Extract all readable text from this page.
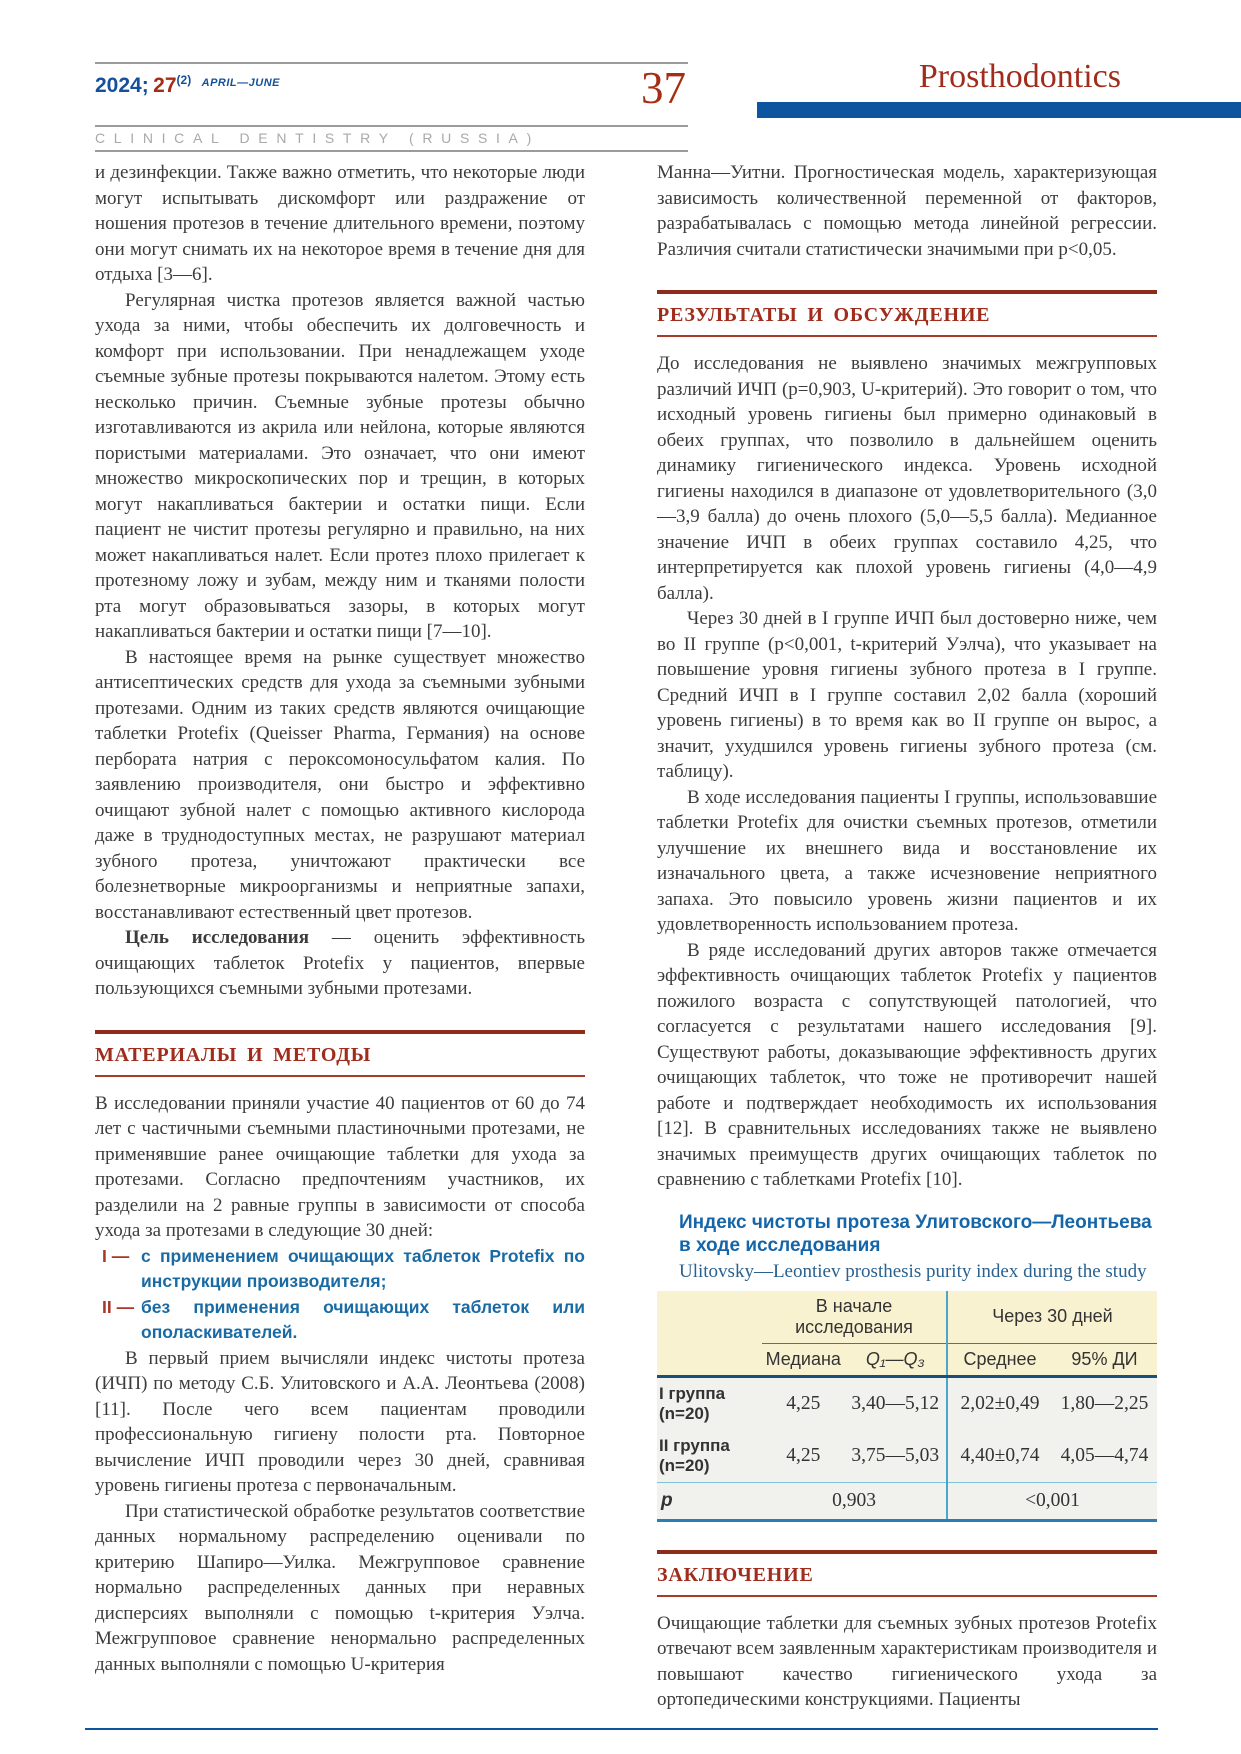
2024; 27$^{(2)}$ $^{APRIL—JUNE}$	37
CLINICAL DENTISTRY (RUSSIA)
Prosthodontics

и дезинфекции. Также важно отметить, что некоторые люди могут испытывать дискомфорт или раздражение от ношения протезов в течение длительного времени, поэтому они могут снимать их на некоторое время в течение дня для отдыха [3—6].

Регулярная чистка протезов является важной частью ухода за ними, чтобы обеспечить их долговечность и комфорт при использовании. При ненадлежащем уходе съемные зубные протезы покрываются налетом. Этому есть несколько причин. Съемные зубные протезы обычно изготавливаются из акрила или нейлона, которые являются пористыми материалами. Это означает, что они имеют множество микроскопических пор и трещин, в которых могут накапливаться бактерии и остатки пищи. Если пациент не чистит протезы регулярно и правильно, на них может накапливаться налет. Если протез плохо прилегает к протезному ложу и зубам, между ним и тканями полости рта могут образовываться зазоры, в которых могут накапливаться бактерии и остатки пищи [7—10].

В настоящее время на рынке существует множество антисептических средств для ухода за съемными зубными протезами. Одним из таких средств являются очищающие таблетки Protefix (Queisser Pharma, Германия) на основе пербората натрия с пероксомоносульфатом калия. По заявлению производителя, они быстро и эффективно очищают зубной налет с помощью активного кислорода даже в труднодоступных местах, не разрушают материал зубного протеза, уничтожают практически все болезнетворные микроорганизмы и неприятные запахи, восстанавливают естественный цвет протезов.

Цель исследования — оценить эффективность очищающих таблеток Protefix у пациентов, впервые пользующихся съемными зубными протезами.

МАТЕРИАЛЫ И МЕТОДЫ

В исследовании приняли участие 40 пациентов от 60 до 74 лет с частичными съемными пластиночными протезами, не применявшие ранее очищающие таблетки для ухода за протезами. Согласно предпочтениям участников, их разделили на 2 равные группы в зависимости от способа ухода за протезами в следующие 30 дней:

I — с применением очищающих таблеток Protefix по инструкции производителя;
II — без применения очищающих таблеток или ополаскивателей.

В первый прием вычисляли индекс чистоты протеза (ИЧП) по методу С.Б. Улитовского и А.А. Леонтьева (2008) [11]. После чего всем пациентам проводили профессиональную гигиену полости рта. Повторное вычисление ИЧП проводили через 30 дней, сравнивая уровень гигиены протеза с первоначальным.

При статистической обработке результатов соответствие данных нормальному распределению оценивали по критерию Шапиро—Уилка. Межгрупповое сравнение нормально распределенных данных при неравных дисперсиях выполняли с помощью t-критерия Уэлча. Межгрупповое сравнение ненормально распределенных данных выполняли с помощью U-критерия

Манна—Уитни. Прогностическая модель, характеризующая зависимость количественной переменной от факторов, разрабатывалась с помощью метода линейной регрессии. Различия считали статистически значимыми при p<0,05.

РЕЗУЛЬТАТЫ И ОБСУЖДЕНИЕ

До исследования не выявлено значимых межгрупповых различий ИЧП (p=0,903, U-критерий). Это говорит о том, что исходный уровень гигиены был примерно одинаковый в обеих группах, что позволило в дальнейшем оценить динамику гигиенического индекса. Уровень исходной гигиены находился в диапазоне от удовлетворительного (3,0—3,9 балла) до очень плохого (5,0—5,5 балла). Медианное значение ИЧП в обеих группах составило 4,25, что интерпретируется как плохой уровень гигиены (4,0—4,9 балла).

Через 30 дней в I группе ИЧП был достоверно ниже, чем во II группе (p<0,001, t-критерий Уэлча), что указывает на повышение уровня гигиены зубного протеза в I группе. Средний ИЧП в I группе составил 2,02 балла (хороший уровень гигиены) в то время как во II группе он вырос, а значит, ухудшился уровень гигиены зубного протеза (см. таблицу).

В ходе исследования пациенты I группы, использовавшие таблетки Protefix для очистки съемных протезов, отметили улучшение их внешнего вида и восстановление их изначального цвета, а также исчезновение неприятного запаха. Это повысило уровень жизни пациентов и их удовлетворенность использованием протеза.

В ряде исследований других авторов также отмечается эффективность очищающих таблеток Protefix у пациентов пожилого возраста с сопутствующей патологией, что согласуется с результатами нашего исследования [9]. Существуют работы, доказывающие эффективность других очищающих таблеток, что тоже не противоречит нашей работе и подтверждает необходимость их использования [12]. В сравнительных исследованиях также не выявлено значимых преимуществ других очищающих таблеток по сравнению с таблетками Protefix [10].

Индекс чистоты протеза Улитовского—Леонтьева в ходе исследования
Ulitovsky—Leontiev prosthesis purity index during the study
	В начале исследования		Через 30 дней	
	Медиана	Q₁—Q₃	Среднее	95% ДИ

I группа
(n=20)	4,25	3,40—5,12	2,02±0,49	1,80—2,25

II группа
(n=20)	4,25	3,75—5,03	4,40±0,74	4,05—4,74
p	0,903		<0,001	
ЗАКЛЮЧЕНИЕ

Очищающие таблетки для съемных зубных протезов Protefix отвечают всем заявленным характеристикам производителя и повышают качество гигиенического ухода за ортопедическими конструкциями. Пациенты
